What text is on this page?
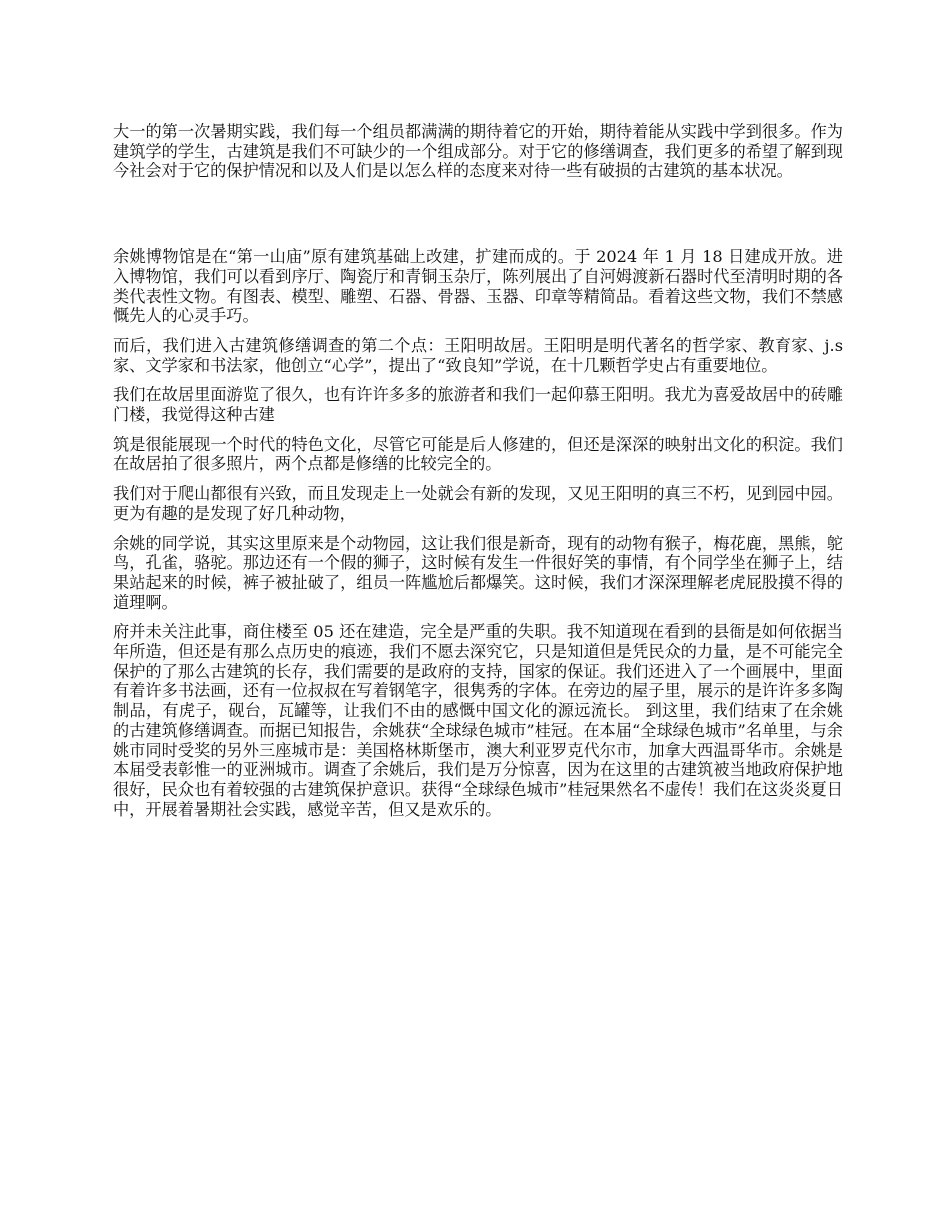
大一的第一次暑期实践，我们每一个组员都满满的期待着它的开始，期待着能从实践中学到很多。作为建筑学的学生，古建筑是我们不可缺少的一个组成部分。对于它的修缮调查，我们更多的希望了解到现今社会对于它的保护情况和以及人们是以怎么样的态度来对待一些有破损的古建筑的基本状况。

余姚博物馆是在“第一山庙”原有建筑基础上改建，扩建而成的。于 2024 年 1 月 18 日建成开放。进入博物馆，我们可以看到序厅、陶瓷厅和青铜玉杂厅，陈列展出了自河姆渡新石器时代至清明时期的各类代表性文物。有图表、模型、雕塑、石器、骨器、玉器、印章等精简品。看着这些文物，我们不禁感慨先人的心灵手巧。

而后，我们进入古建筑修缮调查的第二个点：王阳明故居。王阳明是明代著名的哲学家、教育家、j.s 家、文学家和书法家，他创立“心学”，提出了“致良知”学说，在十几颗哲学史占有重要地位。

我们在故居里面游览了很久，也有许许多多的旅游者和我们一起仰慕王阳明。我尤为喜爱故居中的砖雕门楼，我觉得这种古建

筑是很能展现一个时代的特色文化，尽管它可能是后人修建的，但还是深深的映射出文化的积淀。我们在故居拍了很多照片，两个点都是修缮的比较完全的。

我们对于爬山都很有兴致，而且发现走上一处就会有新的发现，又见王阳明的真三不朽，见到园中园。更为有趣的是发现了好几种动物，

余姚的同学说，其实这里原来是个动物园，这让我们很是新奇，现有的动物有猴子，梅花鹿，黑熊，鸵鸟，孔雀，骆驼。那边还有一个假的狮子，这时候有发生一件很好笑的事情，有个同学坐在狮子上，结果站起来的时候，裤子被扯破了，组员一阵尴尬后都爆笑。这时候，我们才深深理解老虎屁股摸不得的道理啊。

府并未关注此事，商住楼至 05 还在建造，完全是严重的失职。我不知道现在看到的县衙是如何依据当年所造，但还是有那么点历史的痕迹，我们不愿去深究它，只是知道但是凭民众的力量，是不可能完全保护的了那么古建筑的长存，我们需要的是政府的支持，国家的保证。我们还进入了一个画展中，里面有着许多书法画，还有一位叔叔在写着钢笔字，很隽秀的字体。在旁边的屋子里，展示的是许许多多陶制品，有虎子，砚台，瓦罐等，让我们不由的感慨中国文化的源远流长。 到这里，我们结束了在余姚的古建筑修缮调查。而据已知报告，余姚获“全球绿色城市”桂冠。在本届“全球绿色城市”名单里，与余姚市同时受奖的另外三座城市是：美国格林斯堡市，澳大利亚罗克代尔市，加拿大西温哥华市。余姚是本届受表彰惟一的亚洲城市。调查了余姚后，我们是万分惊喜，因为在这里的古建筑被当地政府保护地很好，民众也有着较强的古建筑保护意识。获得“全球绿色城市”桂冠果然名不虚传！我们在这炎炎夏日中，开展着暑期社会实践，感觉辛苦，但又是欢乐的。
